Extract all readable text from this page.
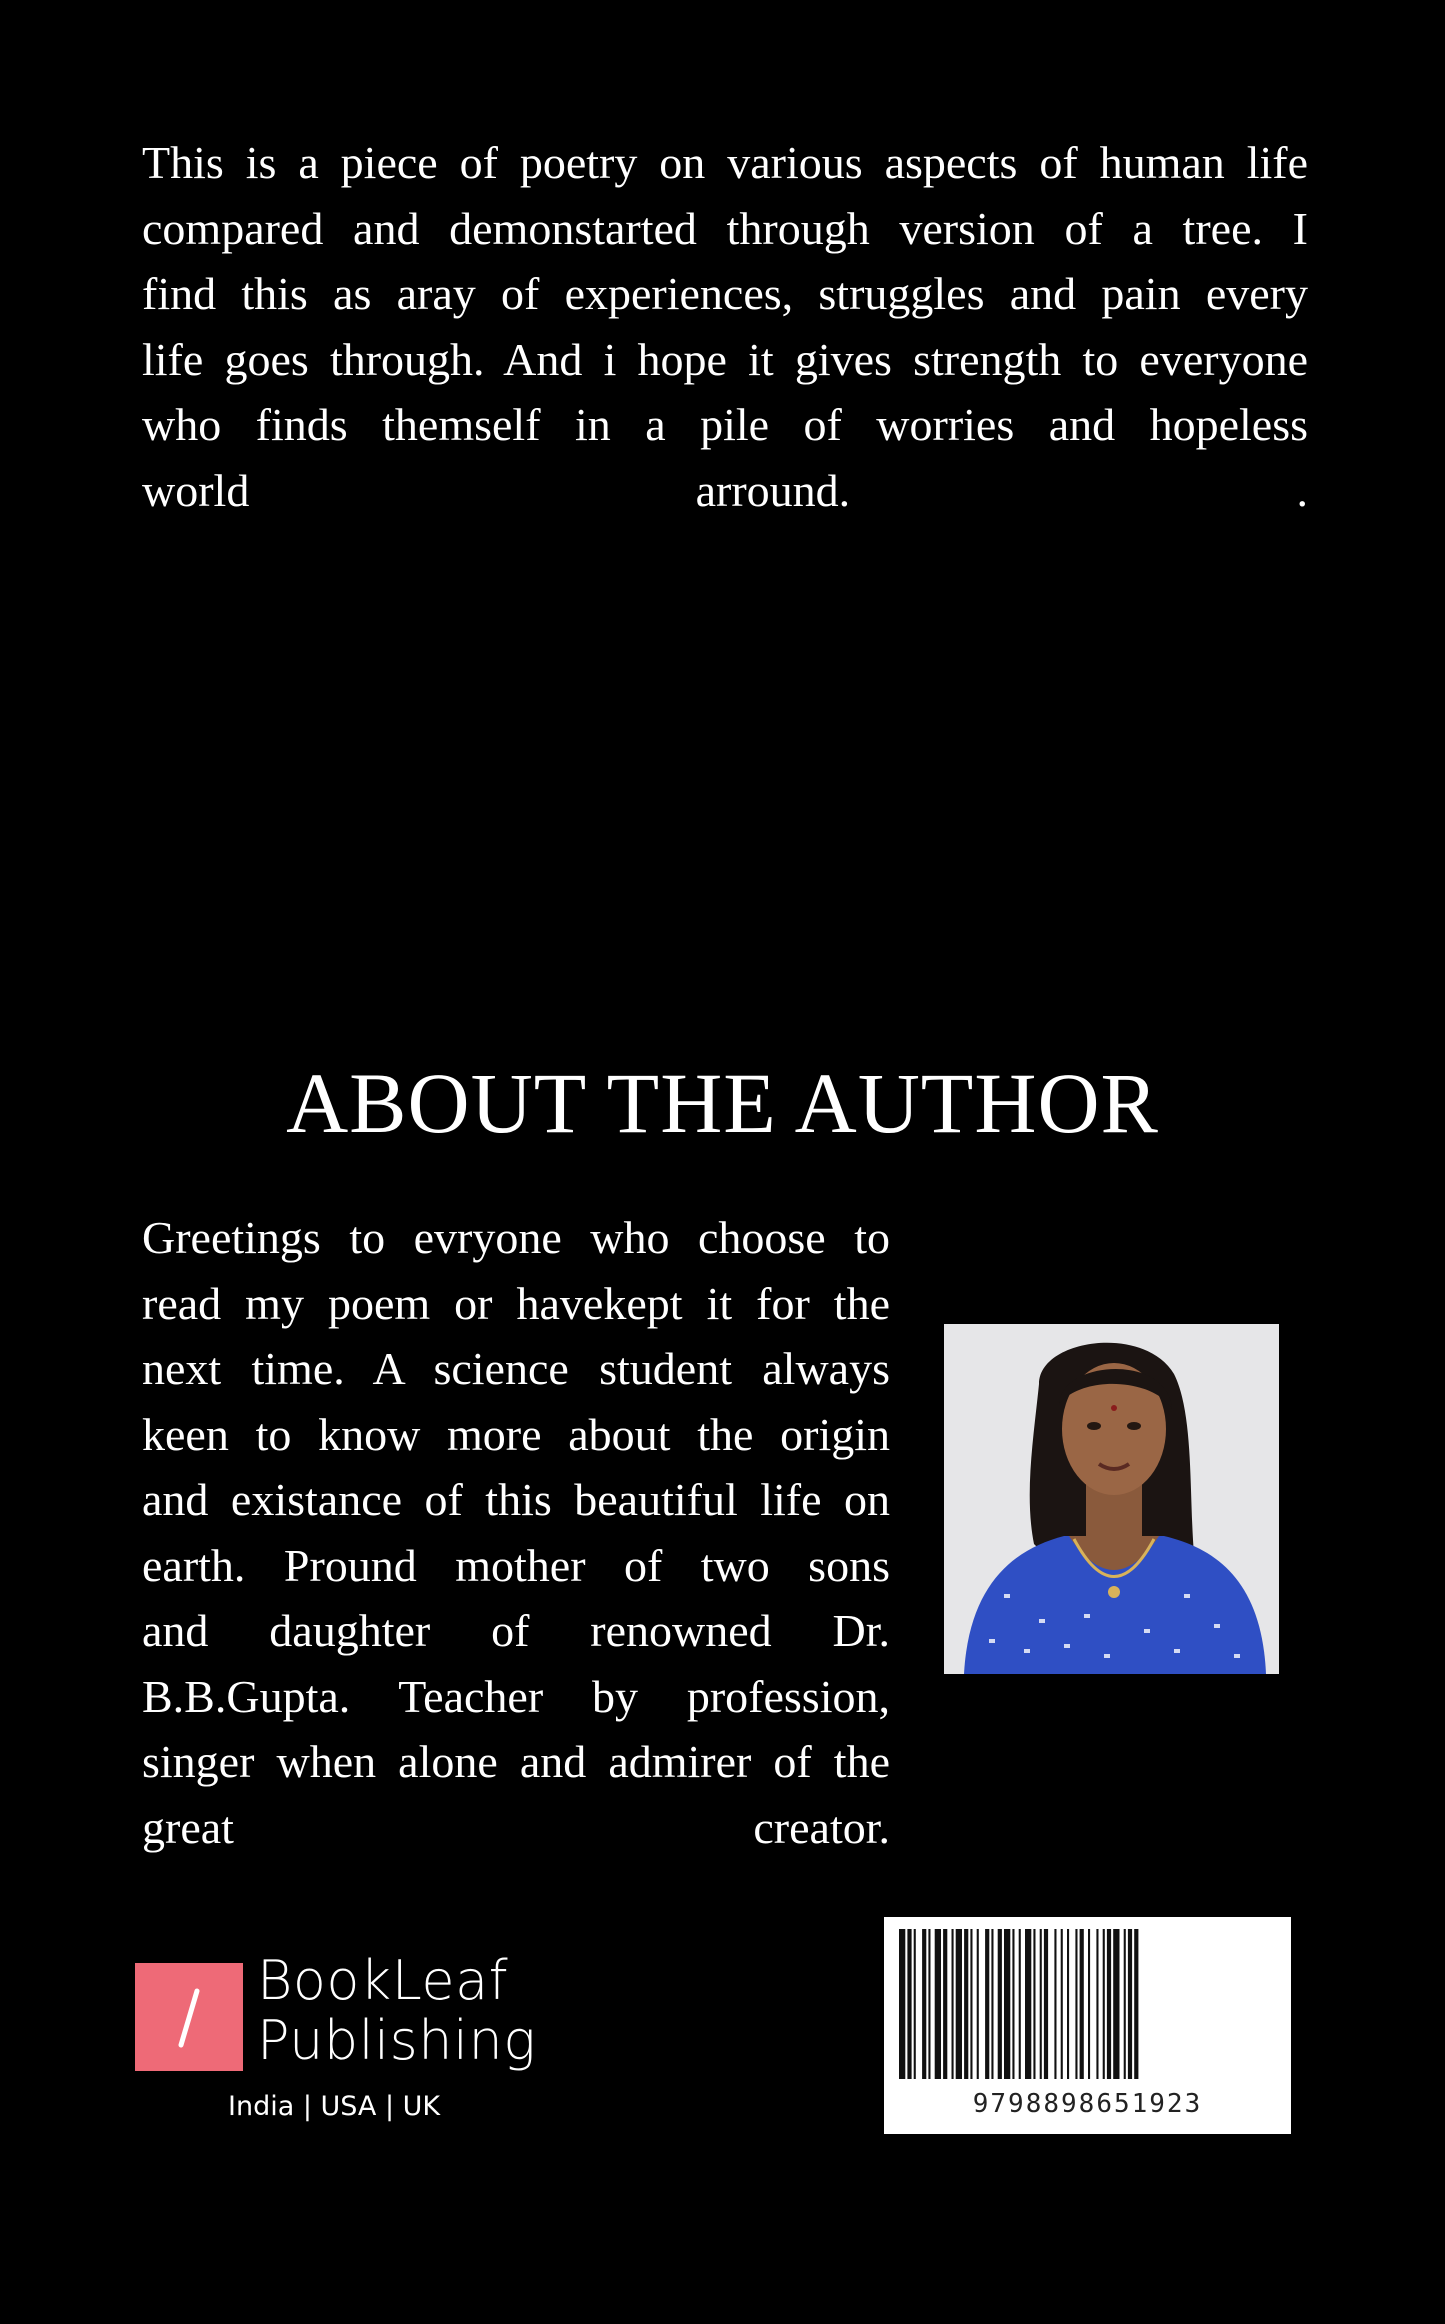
This is a piece of poetry on various aspects of human life
compared and demonstarted through version of a tree. I
find this as aray of experiences, struggles and pain every
life goes through. And i hope it gives strength to everyone
who finds themself in a pile of worries and hopeless
world arround. .
ABOUT THE AUTHOR
Greetings to evryone who choose to
read my poem or havekept it for the
next time. A science student always
keen to know more about the origin
and existance of this beautiful life on
earth. Pround mother of two sons
and daughter of renowned Dr.
B.B.Gupta. Teacher by profession,
singer when alone and admirer of the
great creator.
BookLeaf
Publishing
India | USA | UK	9798898651923
